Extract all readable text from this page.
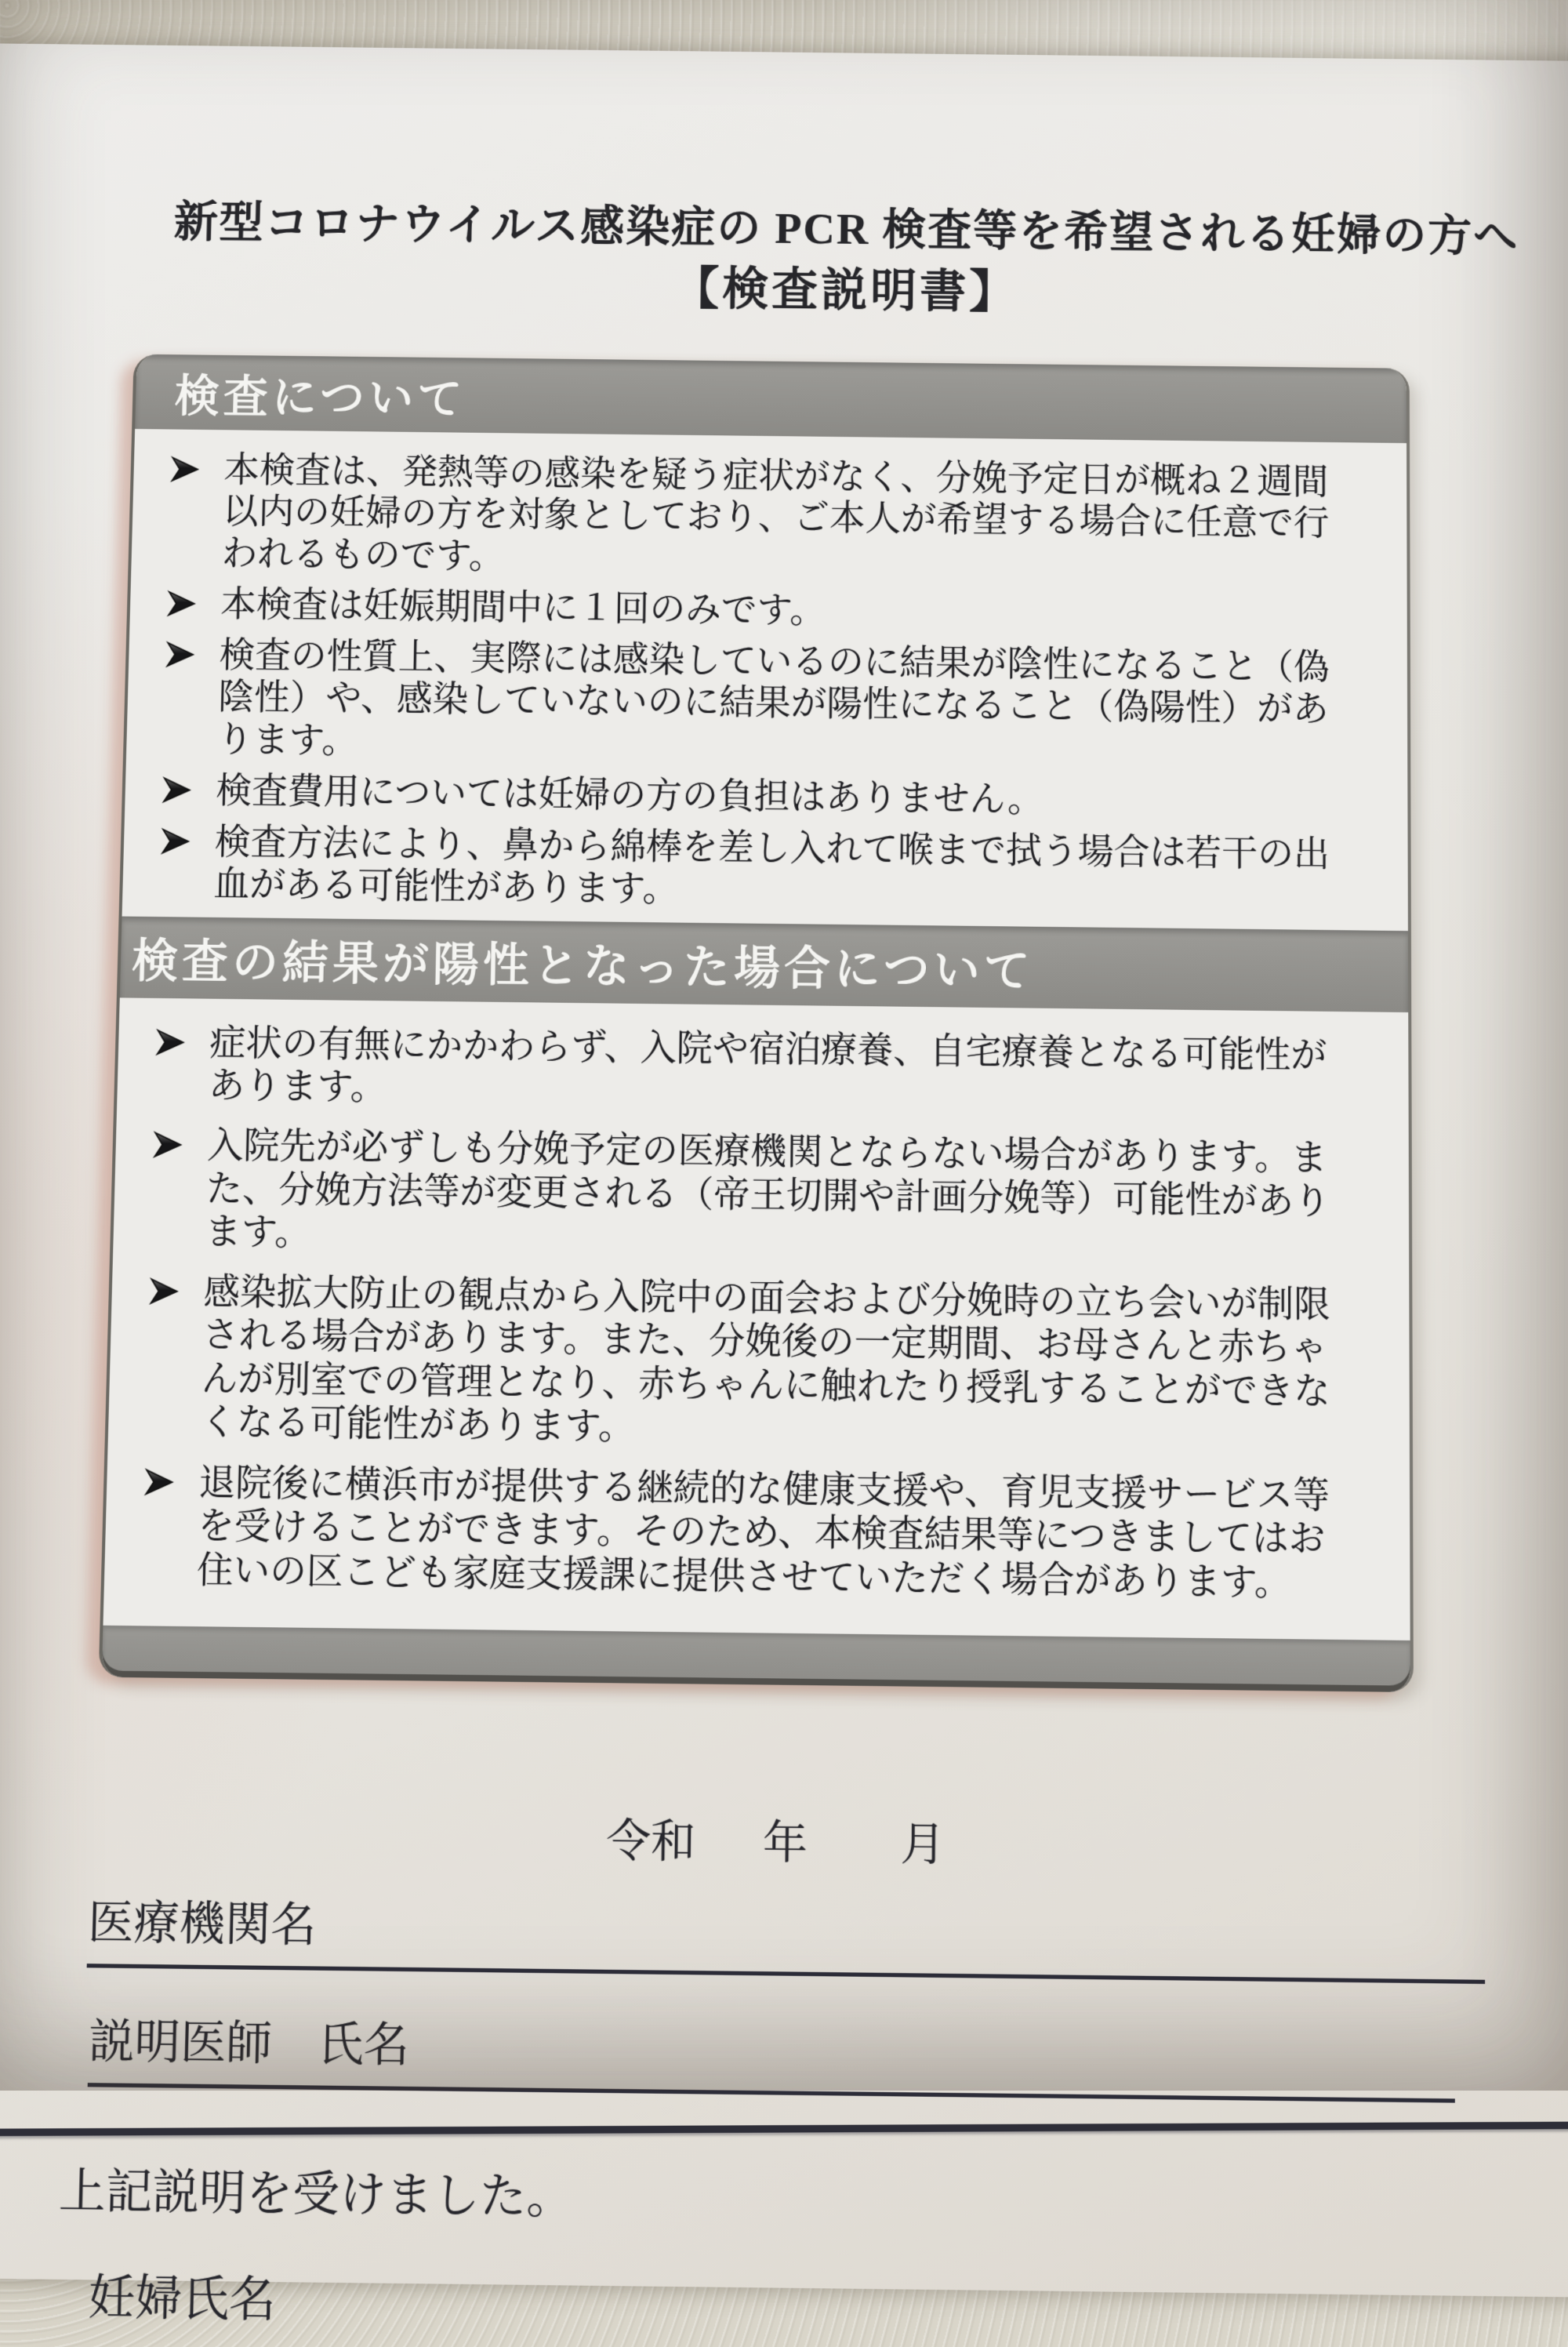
新型コロナウイルス感染症の PCR 検査等を希望される妊婦の方へ
【検査説明書】
検査について
本検査は、発熱等の感染を疑う症状がなく、分娩予定日が概ね２週間以内の妊婦の方を対象としており、ご本人が希望する場合に任意で行われるものです。
本検査は妊娠期間中に１回のみです。
検査の性質上、実際には感染しているのに結果が陰性になること（偽陰性）や、感染していないのに結果が陽性になること（偽陽性）があります。
検査費用については妊婦の方の負担はありません。
検査方法により、鼻から綿棒を差し入れて喉まで拭う場合は若干の出血がある可能性があります。
検査の結果が陽性となった場合について
症状の有無にかかわらず、入院や宿泊療養、自宅療養となる可能性があります。
入院先が必ずしも分娩予定の医療機関とならない場合があります。また、分娩方法等が変更される（帝王切開や計画分娩等）可能性があります。
感染拡大防止の観点から入院中の面会および分娩時の立ち会いが制限される場合があります。また、分娩後の一定期間、お母さんと赤ちゃんが別室での管理となり、赤ちゃんに触れたり授乳することができなくなる可能性があります。
退院後に横浜市が提供する継続的な健康支援や、育児支援サービス等を受けることができます。そのため、本検査結果等につきましてはお住いの区こども家庭支援課に提供させていただく場合があります。
令和 年 月
医療機関名
説明医師　氏名
上記説明を受けました。
妊婦氏名
